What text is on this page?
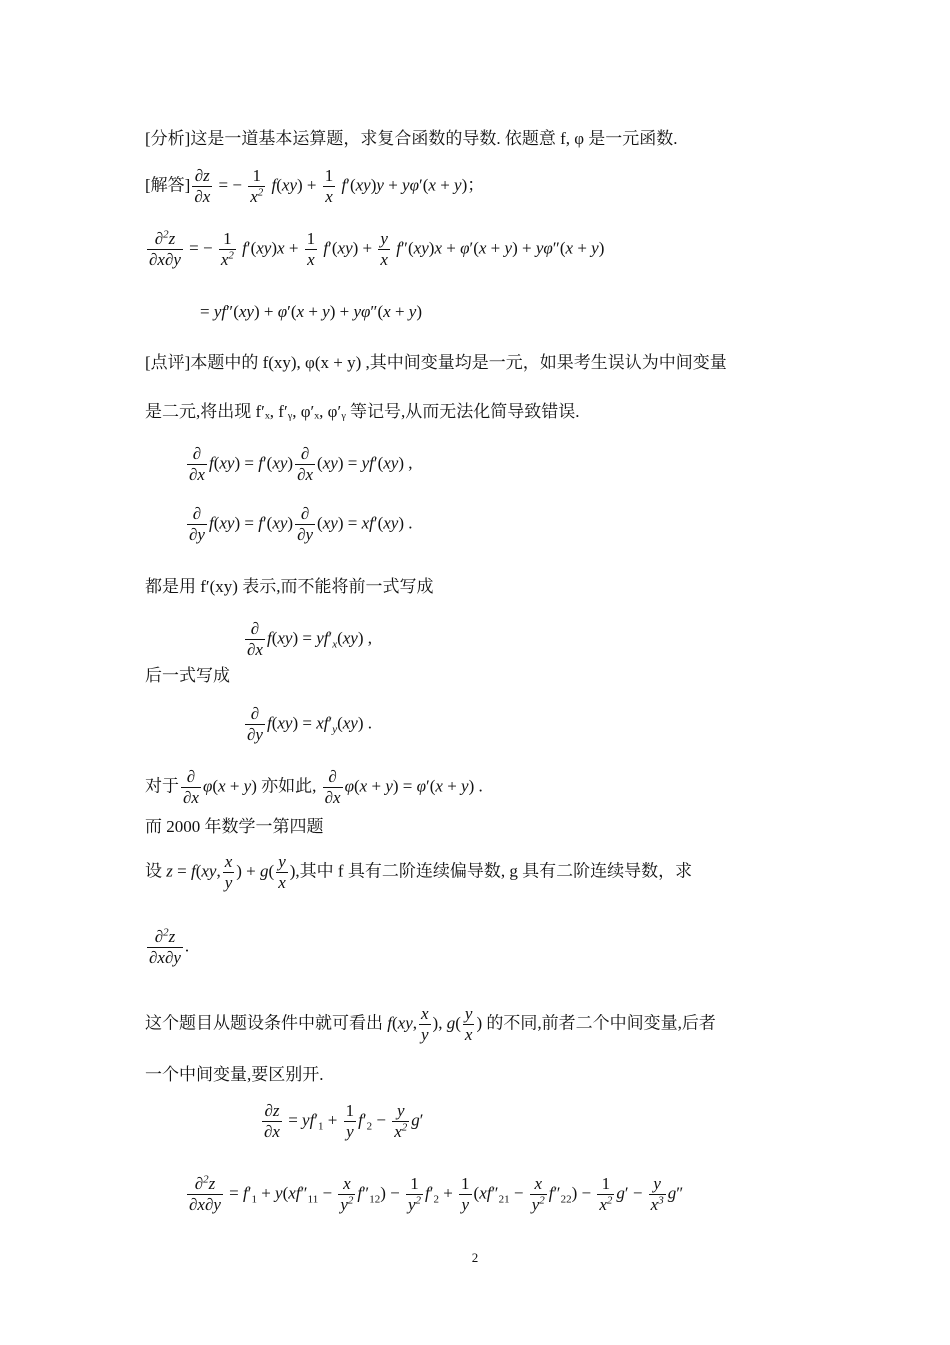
[分析]这是一道基本运算题，求复合函数的导数. 依题意 f, φ 是一元函数.
[解答] $\frac{\partial z}{\partial x}$ = − $\frac{1}{x^2} f(xy) + \frac{1}{x} f'(xy)y + y\varphi'(x + y)$；
$\frac{\partial^2z}{\partial x\partial y}$ = − $\frac{1}{x^2} f'(xy)x + \frac{1}{x} f'(xy) + \frac{y}{x} f''(xy)x + \varphi'(x + y) + y\varphi''(x + y)$
= yf″(xy) + φ′(x + y) + yφ″(x + y)
[点评]本题中的 f(xy), φ(x + y) ,其中间变量均是一元，如果考生误认为中间变量
是二元,将出现 f′ₓ, f′ᵧ, φ′ₓ, φ′ᵧ 等记号,从而无法化简导致错误.
$\frac{\partial}{\partial x} f(xy) = f'(xy) \frac{\partial}{\partial x} (xy) = yf'(xy)$ ,
$\frac{\partial}{\partial y} f(xy) = f'(xy) \frac{\partial}{\partial y} (xy) = xf'(xy)$ .
都是用 f′(xy) 表示,而不能将前一式写成
$\frac{\partial}{\partial x} f(xy) = yf'_x(xy)$ ,
后一式写成
$\frac{\partial}{\partial y} f(xy) = xf'_y(xy)$ .
对于 $\frac{\partial}{\partial x} \varphi(x + y)$ 亦如此, $\frac{\partial}{\partial x} \varphi(x + y) = \varphi'(x + y)$ .
而 2000 年数学一第四题
设 z = f(xy, $\frac{x}{y}$ ) + $g( \frac{y}{x}$ ),其中 f 具有二阶连续偏导数, g 具有二阶连续导数，求
$\frac{\partial^2z}{\partial x\partial y}$ .
这个题目从题设条件中就可看出 f(xy, $\frac{x}{y}$ ), $g( \frac{y}{x}$ ) 的不同,前者二个中间变量,后者
一个中间变量,要区别开.
$\frac{\partial z}{\partial x} = yf'_1 + \frac{1}{y} f'_2 - \frac{y}{x^2} g'$
$\frac{\partial^2z}{\partial x\partial y} = f'_1 + y(xf''_{11} - \frac{x}{y^2} f''_{12}) - \frac{1}{y^2} f'_2 + \frac{1}{y} (xf''_{21} - \frac{x}{y^2} f''_{22}) - \frac{1}{x^2} g' - \frac{y}{x^3} g''$
2
